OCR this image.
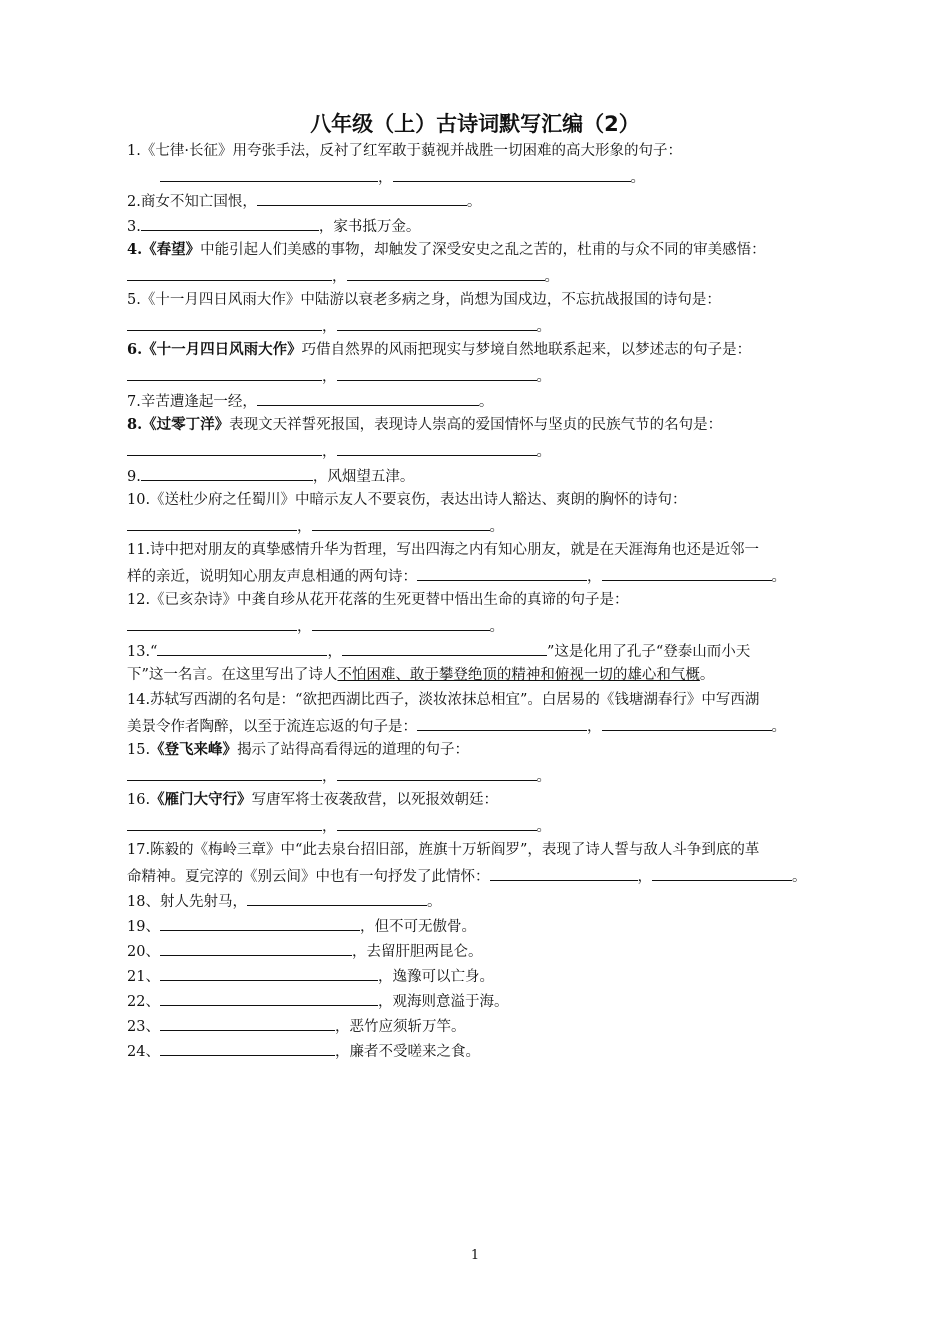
八年级（上）古诗词默写汇编（2）
1.《七律·长征》用夸张手法，反衬了红军敢于藐视并战胜一切困难的高大形象的句子：
，	。
2.商女不知亡国恨，	。
3.	，家书抵万金。
4.《春望》中能引起人们美感的事物，却触发了深受安史之乱之苦的，杜甫的与众不同的审美感悟：
，	。
5.《十一月四日风雨大作》中陆游以衰老多病之身，尚想为国戍边，不忘抗战报国的诗句是：
，	。
6.《十一月四日风雨大作》巧借自然界的风雨把现实与梦境自然地联系起来，以梦述志的句子是：
，	。
7.辛苦遭逢起一经，	。
8.《过零丁洋》表现文天祥誓死报国，表现诗人崇高的爱国情怀与坚贞的民族气节的名句是：
，	。
9.	，风烟望五津。
10.《送杜少府之任蜀川》中暗示友人不要哀伤，表达出诗人豁达、爽朗的胸怀的诗句：
，	。
11.诗中把对朋友的真挚感情升华为哲理，写出四海之内有知心朋友，就是在天涯海角也还是近邻一
样的亲近，说明知心朋友声息相通的两句诗：	，	。
12.《已亥杂诗》中龚自珍从花开花落的生死更替中悟出生命的真谛的句子是：
，	。
13.“	，	”这是化用了孔子“登泰山而小天
下”这一名言。在这里写出了诗人不怕困难、敢于攀登绝顶的精神和俯视一切的雄心和气概。
14.苏轼写西湖的名句是：“欲把西湖比西子，淡妆浓抹总相宜”。白居易的《钱塘湖春行》中写西湖
美景令作者陶醉，以至于流连忘返的句子是：	，	。
15.《登飞来峰》揭示了站得高看得远的道理的句子：
，	。
16.《雁门大守行》写唐军将士夜袭敌营，以死报效朝廷：
，	。
17.陈毅的《梅岭三章》中“此去泉台招旧部，旌旗十万斩阎罗”，表现了诗人誓与敌人斗争到底的革
命精神。夏完淳的《别云间》中也有一句抒发了此情怀：	，	。
18、射人先射马，	。
19、	，但不可无傲骨。
20、	，去留肝胆两昆仑。
21、	，逸豫可以亡身。
22、	，观海则意溢于海。
23、	，恶竹应须斩万竿。
24、	，廉者不受嗟来之食。
1
